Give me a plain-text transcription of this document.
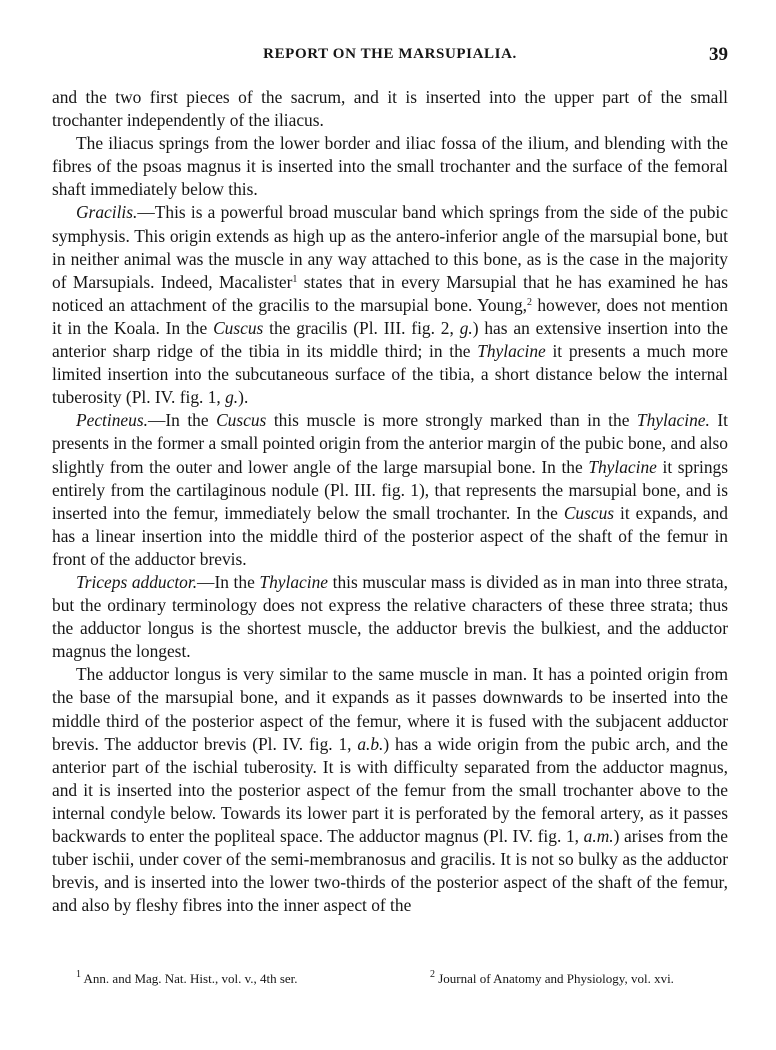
REPORT ON THE MARSUPIALIA.	39

and the two first pieces of the sacrum, and it is inserted into the upper part of the small trochanter independently of the iliacus.

The iliacus springs from the lower border and iliac fossa of the ilium, and blending with the fibres of the psoas magnus it is inserted into the small trochanter and the surface of the femoral shaft immediately below this.

Gracilis.—This is a powerful broad muscular band which springs from the side of the pubic symphysis. This origin extends as high up as the antero-inferior angle of the marsupial bone, but in neither animal was the muscle in any way attached to this bone, as is the case in the majority of Marsupials. Indeed, Macalister$^1$ states that in every Marsupial that he has examined he has noticed an attachment of the gracilis to the marsupial bone. Young,$^2$ however, does not mention it in the Koala. In the Cuscus the gracilis (Pl. III. fig. 2, g.) has an extensive insertion into the anterior sharp ridge of the tibia in its middle third; in the Thylacine it presents a much more limited insertion into the subcutaneous surface of the tibia, a short distance below the internal tuberosity (Pl. IV. fig. 1, g.).

Pectineus.—In the Cuscus this muscle is more strongly marked than in the Thylacine. It presents in the former a small pointed origin from the anterior margin of the pubic bone, and also slightly from the outer and lower angle of the large marsupial bone. In the Thylacine it springs entirely from the cartilaginous nodule (Pl. III. fig. 1), that represents the marsupial bone, and is inserted into the femur, immediately below the small trochanter. In the Cuscus it expands, and has a linear insertion into the middle third of the posterior aspect of the shaft of the femur in front of the adductor brevis.

Triceps adductor.—In the Thylacine this muscular mass is divided as in man into three strata, but the ordinary terminology does not express the relative characters of these three strata; thus the adductor longus is the shortest muscle, the adductor brevis the bulkiest, and the adductor magnus the longest.

The adductor longus is very similar to the same muscle in man. It has a pointed origin from the base of the marsupial bone, and it expands as it passes downwards to be inserted into the middle third of the posterior aspect of the femur, where it is fused with the subjacent adductor brevis. The adductor brevis (Pl. IV. fig. 1, a.b.) has a wide origin from the pubic arch, and the anterior part of the ischial tuberosity. It is with difficulty separated from the adductor magnus, and it is inserted into the posterior aspect of the femur from the small trochanter above to the internal condyle below. Towards its lower part it is perforated by the femoral artery, as it passes backwards to enter the popliteal space. The adductor magnus (Pl. IV. fig. 1, a.m.) arises from the tuber ischii, under cover of the semi-membranosus and gracilis. It is not so bulky as the adductor brevis, and is inserted into the lower two-thirds of the posterior aspect of the shaft of the femur, and also by fleshy fibres into the inner aspect of the

$^1$ Ann. and Mag. Nat. Hist., vol. v., 4th ser.	$^2$ Journal of Anatomy and Physiology, vol. xvi.
